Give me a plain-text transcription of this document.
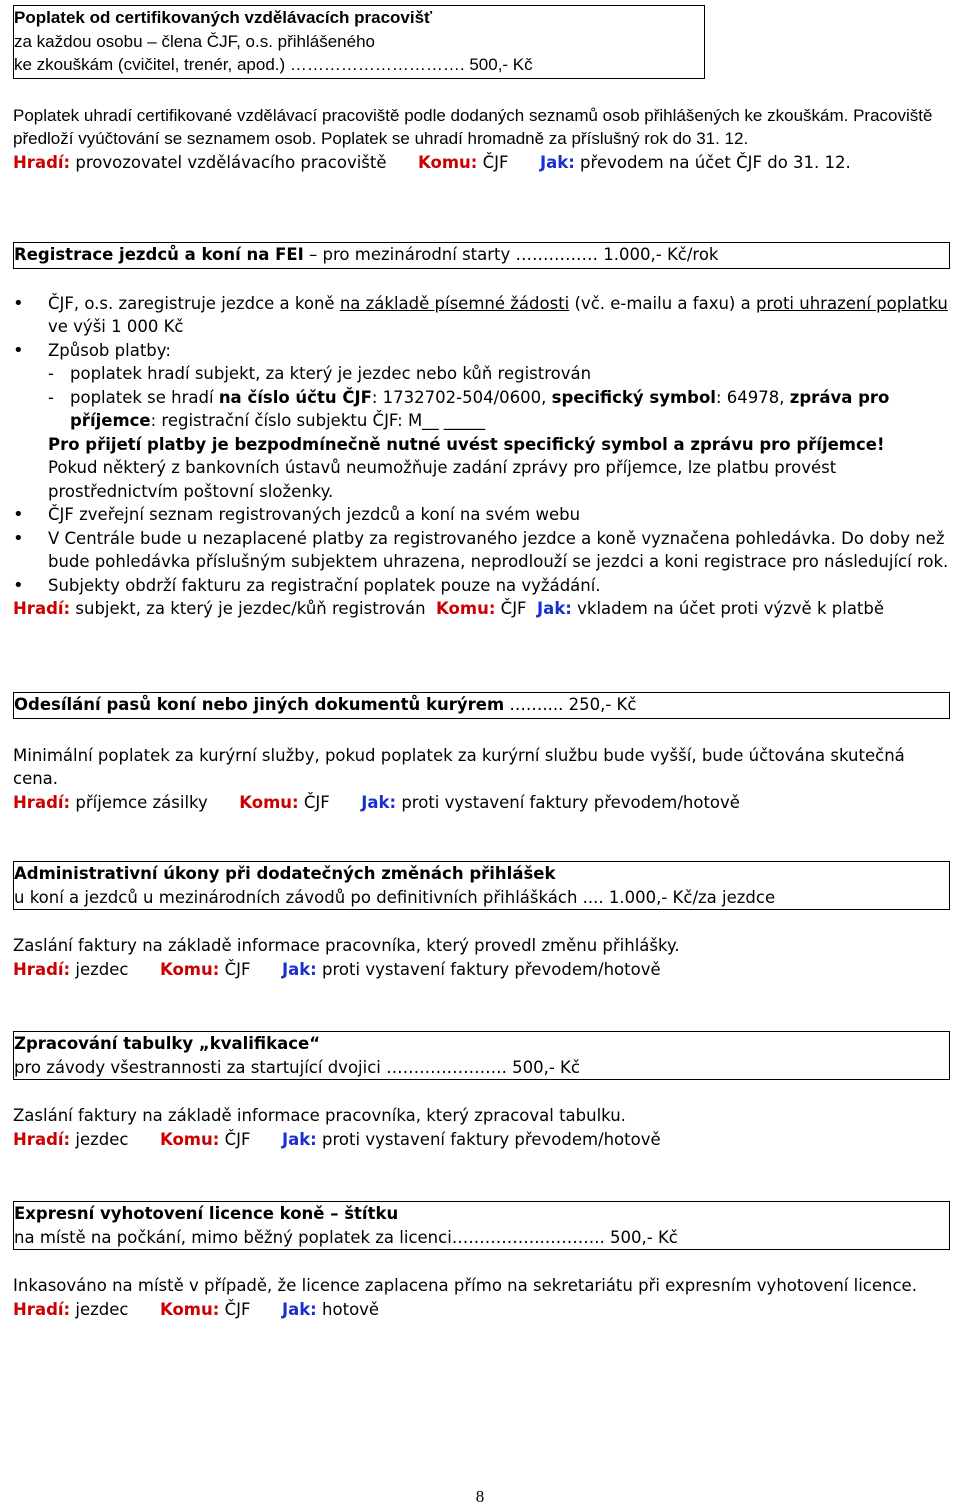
Poplatek od certifikovaných vzdělávacích pracovišť
za každou osobu – člena ČJF, o.s. přihlášeného
ke zkouškám (cvičitel, trenér, apod.) …………………………. 500,- Kč
Poplatek uhradí certifikované vzdělávací pracoviště podle dodaných seznamů osob přihlášených ke zkouškám. Pracoviště předloží vyúčtování se seznamem osob. Poplatek se uhradí hromadně za příslušný rok do 31. 12.
Hradí: provozovatel vzdělávacího pracoviště      Komu: ČJF      Jak: převodem na účet ČJF do 31. 12.
Registrace jezdců a koní na FEI – pro mezinárodní starty …………… 1.000,- Kč/rok
• ČJF, o.s. zaregistruje jezdce a koně na základě písemné žádosti (vč. e-mailu a faxu) a proti uhrazení poplatku ve výši 1 000 Kč
• Způsob platby:
- poplatek hradí subjekt, za který je jezdec nebo kůň registrován
- poplatek se hradí na číslo účtu ČJF: 1732702-504/0600, specifický symbol: 64978, zpráva pro příjemce: registrační číslo subjektu ČJF: M__ _____
Pro přijetí platby je bezpodmínečně nutné uvést specifický symbol a zprávu pro příjemce!
Pokud některý z bankovních ústavů neumožňuje zadání zprávy pro příjemce, lze platbu provést prostřednictvím poštovní složenky.
• ČJF zveřejní seznam registrovaných jezdců a koní na svém webu
• V Centrále bude u nezaplacené platby za registrovaného jezdce a koně vyznačena pohledávka. Do doby než bude pohledávka příslušným subjektem uhrazena, neprodlouží se jezdci a koni registrace pro následující rok.
• Subjekty obdrží fakturu za registrační poplatek pouze na vyžádání.
Hradí: subjekt, za který je jezdec/kůň registrován  Komu: ČJF  Jak: vkladem na účet proti výzvě k platbě
Odesílání pasů koní nebo jiných dokumentů kurýrem …….... 250,- Kč
Minimální poplatek za kurýrní služby, pokud poplatek za kurýrní službu bude vyšší, bude účtována skutečná cena.
Hradí: příjemce zásilky      Komu: ČJF      Jak: proti vystavení faktury převodem/hotově
Administrativní úkony při dodatečných změnách přihlášek
u koní a jezdců u mezinárodních závodů po definitivních přihláškách .... 1.000,- Kč/za jezdce
Zaslání faktury na základě informace pracovníka, který provedl změnu přihlášky.
Hradí: jezdec      Komu: ČJF      Jak: proti vystavení faktury převodem/hotově
Zpracování tabulky „kvalifikace“
pro závody všestrannosti za startující dvojici …………………. 500,- Kč
Zaslání faktury na základě informace pracovníka, který zpracoval tabulku.
Hradí: jezdec      Komu: ČJF      Jak: proti vystavení faktury převodem/hotově
Expresní vyhotovení licence koně – štítku
na místě na počkání, mimo běžný poplatek za licenci……………..……….. 500,- Kč
Inkasováno na místě v případě, že licence zaplacena přímo na sekretariátu při expresním vyhotovení licence.
Hradí: jezdec      Komu: ČJF      Jak: hotově
8
